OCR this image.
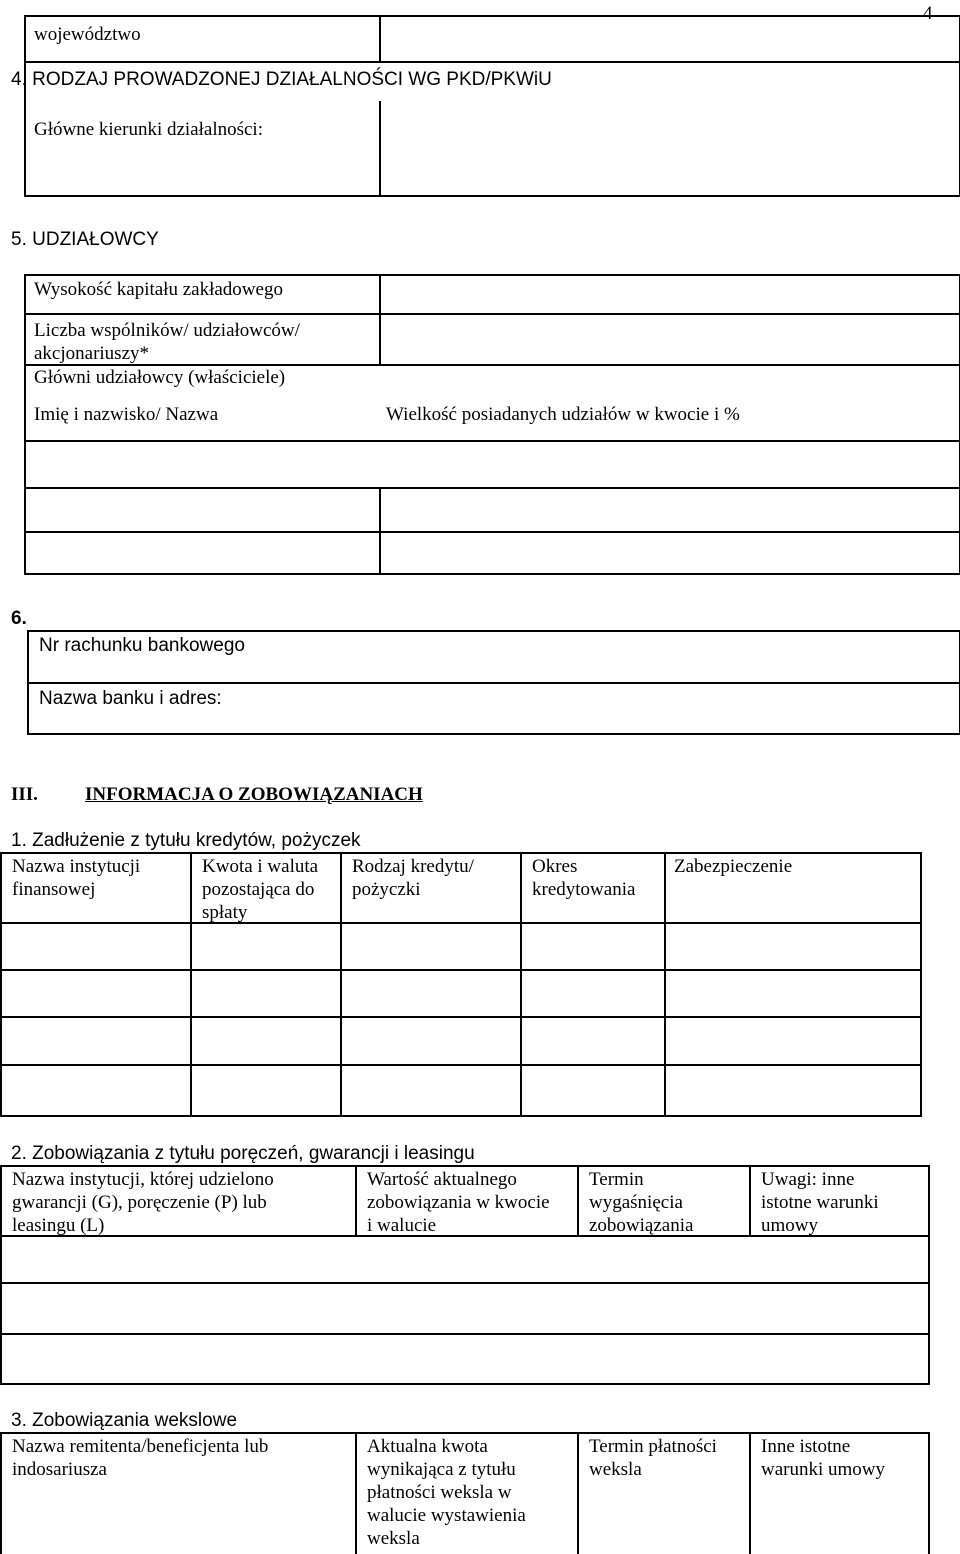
4
województwo
4. RODZAJ PROWADZONEJ DZIAŁALNOŚCI WG PKD/PKWiU
Główne kierunki działalności:
5. UDZIAŁOWCY
Wysokość kapitału zakładowego
Liczba wspólników/ udziałowców/
akcjonariuszy*
Główni udziałowcy (właściciele)
Imię i nazwisko/ Nazwa	Wielkość posiadanych udziałów w kwocie i %
6.
Nr rachunku bankowego
Nazwa banku i adres:
III. INFORMACJA O ZOBOWIĄZANIACH
1. Zadłużenie z tytułu kredytów, pożyczek
Nazwa instytucji
finansowej
Kwota i waluta
pozostająca do
spłaty
Rodzaj kredytu/
pożyczki
Okres
kredytowania
Zabezpieczenie
2. Zobowiązania z tytułu poręczeń, gwarancji i leasingu
Nazwa instytucji, której udzielono
gwarancji (G), poręczenie (P) lub
leasingu (L)
Wartość aktualnego
zobowiązania w kwocie
i walucie
Termin
wygaśnięcia
zobowiązania
Uwagi: inne
istotne warunki
umowy
3. Zobowiązania wekslowe
Nazwa remitenta/beneficjenta lub
indosariusza
Aktualna kwota
wynikająca z tytułu
płatności weksla w
walucie wystawienia
weksla
Termin płatności
weksla
Inne istotne
warunki umowy
